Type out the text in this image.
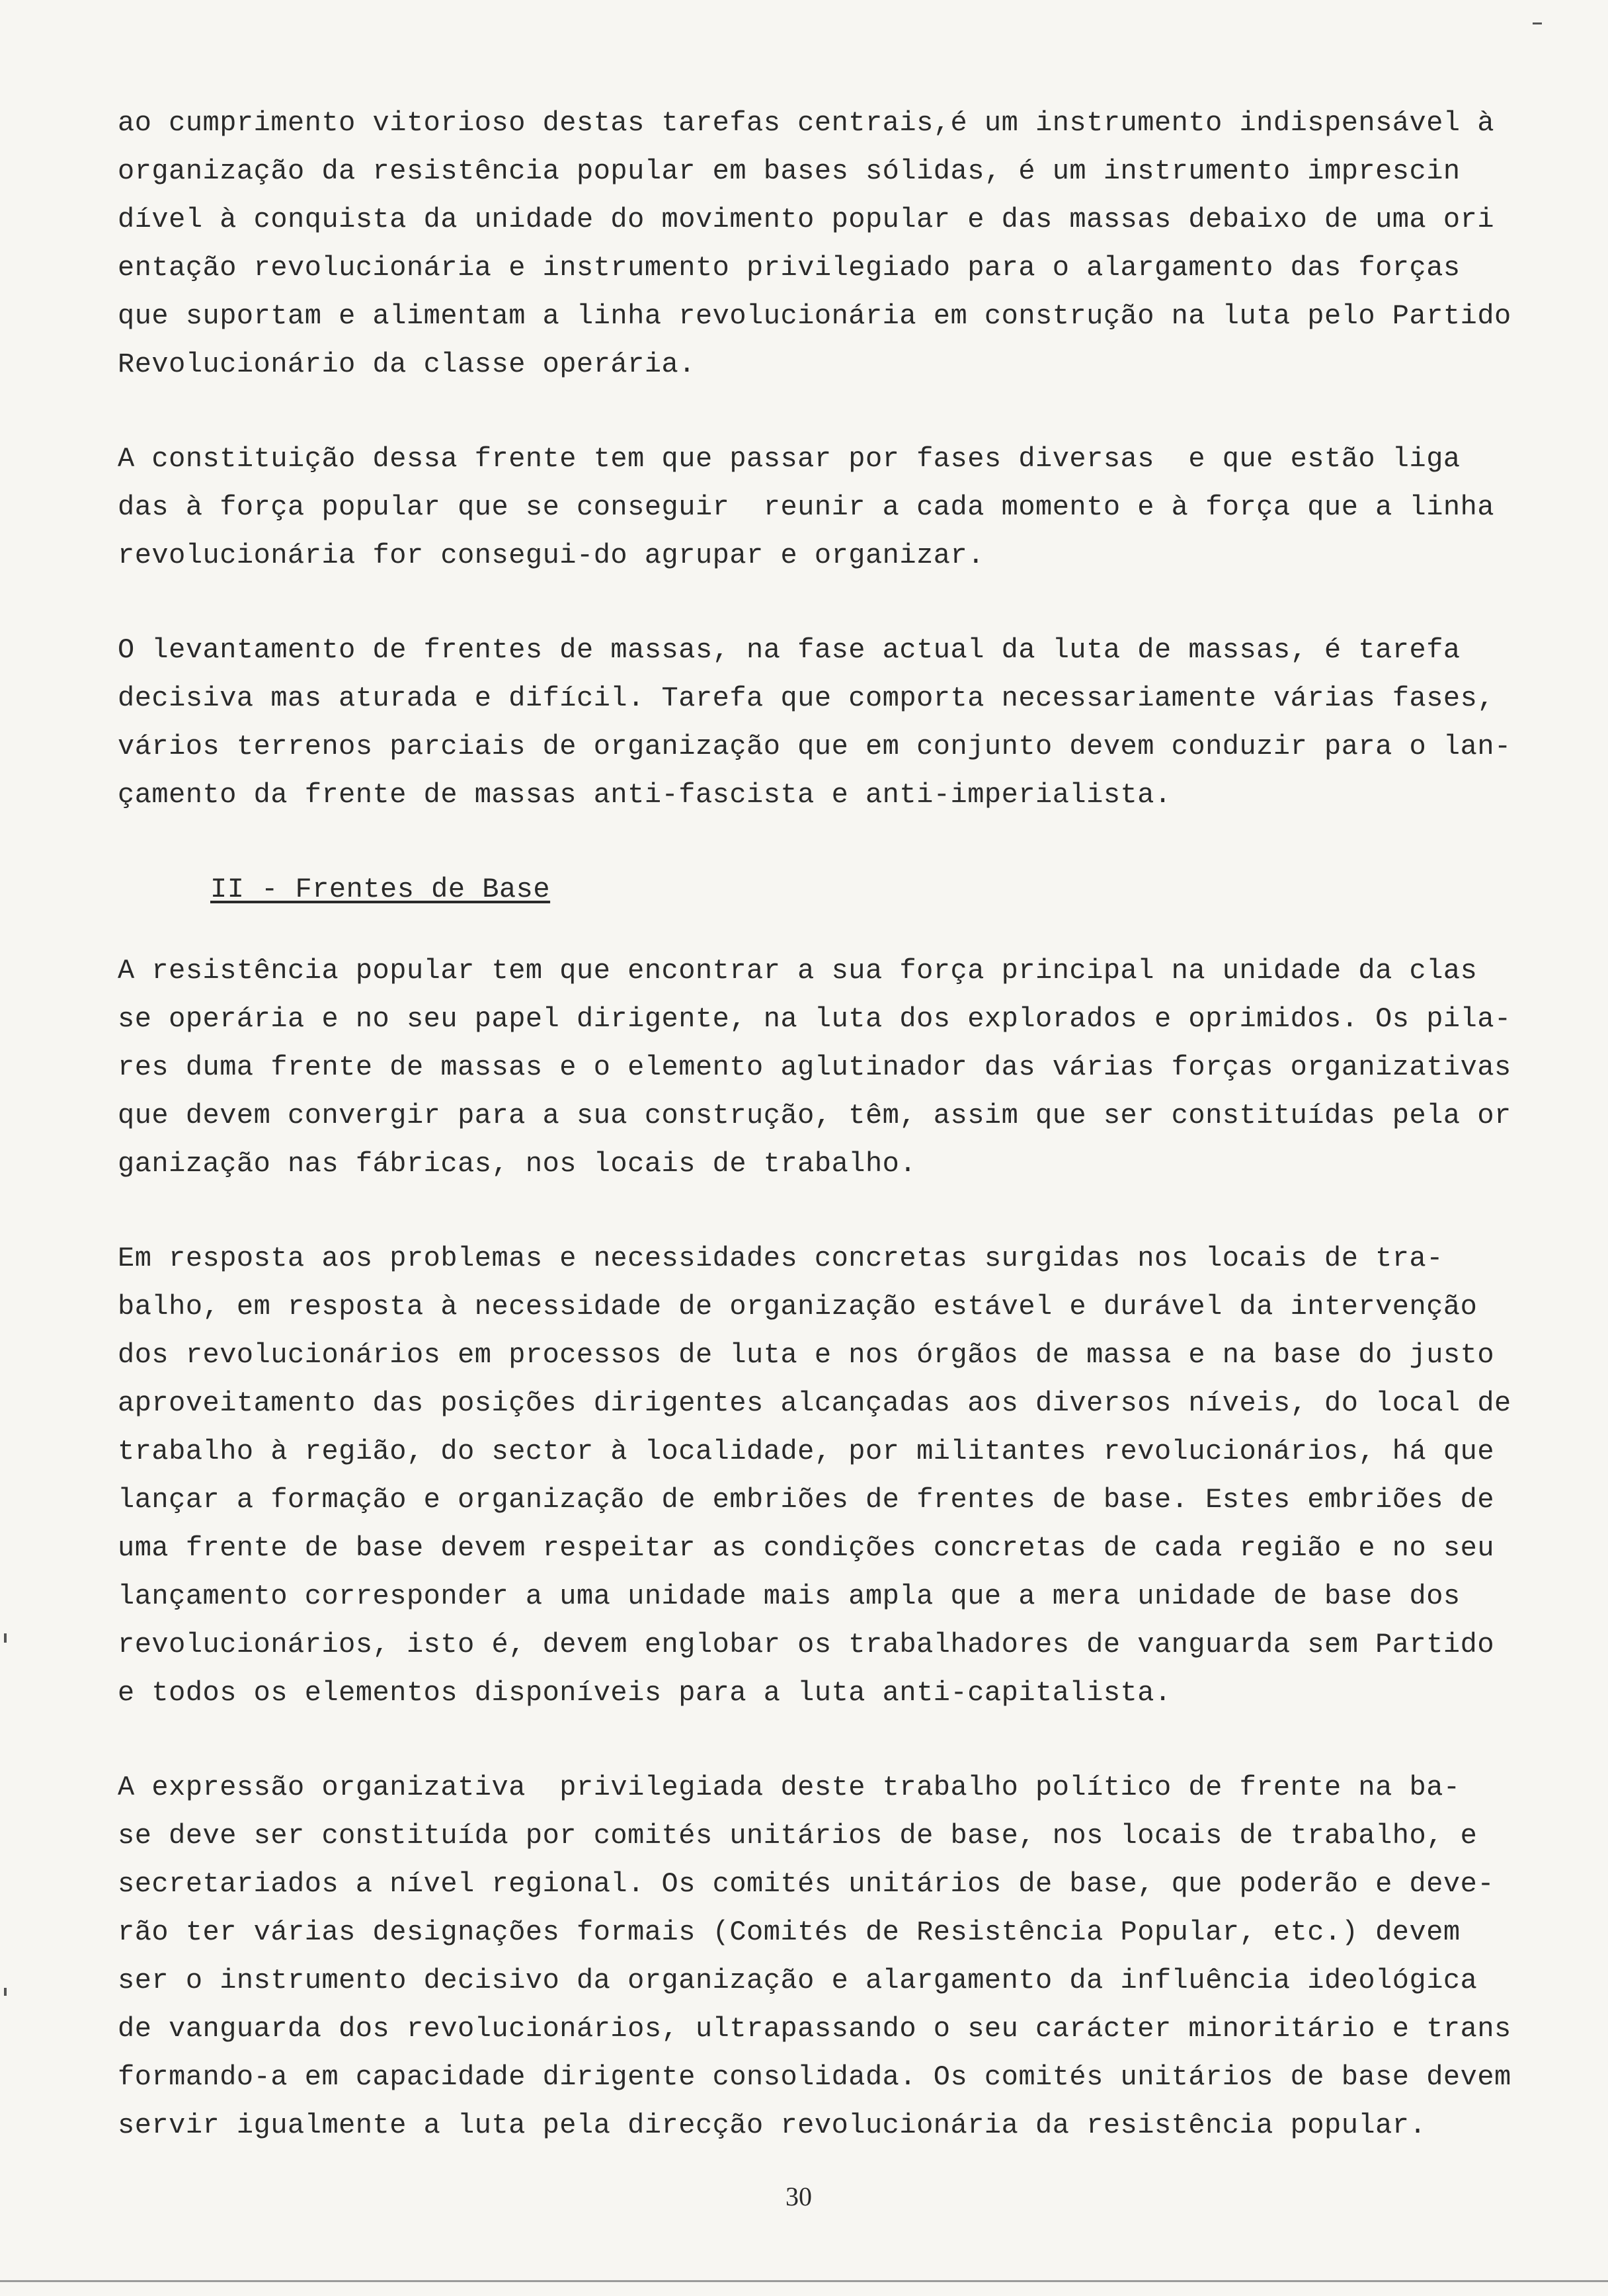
ao cumprimento vitorioso destas tarefas centrais,é um instrumento indispensável à
organização da resistência popular em bases sólidas, é um instrumento imprescin
dível à conquista da unidade do movimento popular e das massas debaixo de uma ori
entação revolucionária e instrumento privilegiado para o alargamento das forças
que suportam e alimentam a linha revolucionária em construção na luta pelo Partido
Revolucionário da classe operária.
A constituição dessa frente tem que passar por fases diversas  e que estão liga
das à força popular que se conseguir  reunir a cada momento e à força que a linha
revolucionária for consegui-do agrupar e organizar.
O levantamento de frentes de massas, na fase actual da luta de massas, é tarefa
decisiva mas aturada e difícil. Tarefa que comporta necessariamente várias fases,
vários terrenos parciais de organização que em conjunto devem conduzir para o lan-
çamento da frente de massas anti-fascista e anti-imperialista.
II - Frentes de Base
A resistência popular tem que encontrar a sua força principal na unidade da clas
se operária e no seu papel dirigente, na luta dos explorados e oprimidos. Os pila-
res duma frente de massas e o elemento aglutinador das várias forças organizativas
que devem convergir para a sua construção, têm, assim que ser constituídas pela or
ganização nas fábricas, nos locais de trabalho.
Em resposta aos problemas e necessidades concretas surgidas nos locais de tra-
balho, em resposta à necessidade de organização estável e durável da intervenção
dos revolucionários em processos de luta e nos órgãos de massa e na base do justo
aproveitamento das posições dirigentes alcançadas aos diversos níveis, do local de
trabalho à região, do sector à localidade, por militantes revolucionários, há que
lançar a formação e organização de embriões de frentes de base. Estes embriões de
uma frente de base devem respeitar as condições concretas de cada região e no seu
lançamento corresponder a uma unidade mais ampla que a mera unidade de base dos
revolucionários, isto é, devem englobar os trabalhadores de vanguarda sem Partido
e todos os elementos disponíveis para a luta anti-capitalista.
A expressão organizativa  privilegiada deste trabalho político de frente na ba-
se deve ser constituída por comités unitários de base, nos locais de trabalho, e
secretariados a nível regional. Os comités unitários de base, que poderão e deve-
rão ter várias designações formais (Comités de Resistência Popular, etc.) devem
ser o instrumento decisivo da organização e alargamento da influência ideológica
de vanguarda dos revolucionários, ultrapassando o seu carácter minoritário e trans
formando-a em capacidade dirigente consolidada. Os comités unitários de base devem
servir igualmente a luta pela direcção revolucionária da resistência popular.
30
